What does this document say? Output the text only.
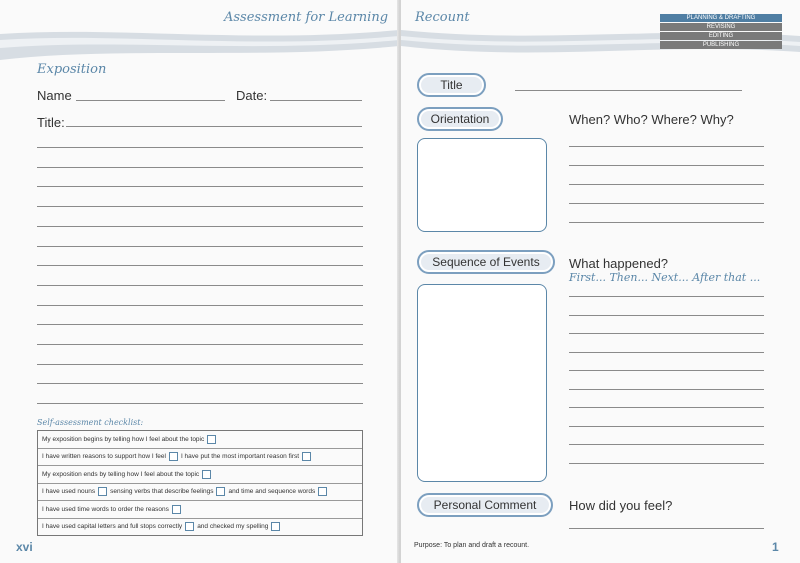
Assessment for Learning
Exposition
Name	Date:
Title:
Self-assessment checklist:
My exposition begins by telling how I feel about the topic
I have written reasons to support how I feel I have put the most important reason first
My exposition ends by telling how I feel about the topic
I have used nouns sensing verbs that describe feelings and time and sequence words
I have used time words to order the reasons
I have used capital letters and full stops correctly and checked my spelling
xvi
Recount	PLANNING & DRAFTING
REVISING
EDITING
PUBLISHING
Title
Orientation	When? Who? Where? Why?
Sequence of Events	What happened?
First... Then... Next... After that ...
Personal Comment	How did you feel?
Purpose: To plan and draft a recount.	1
